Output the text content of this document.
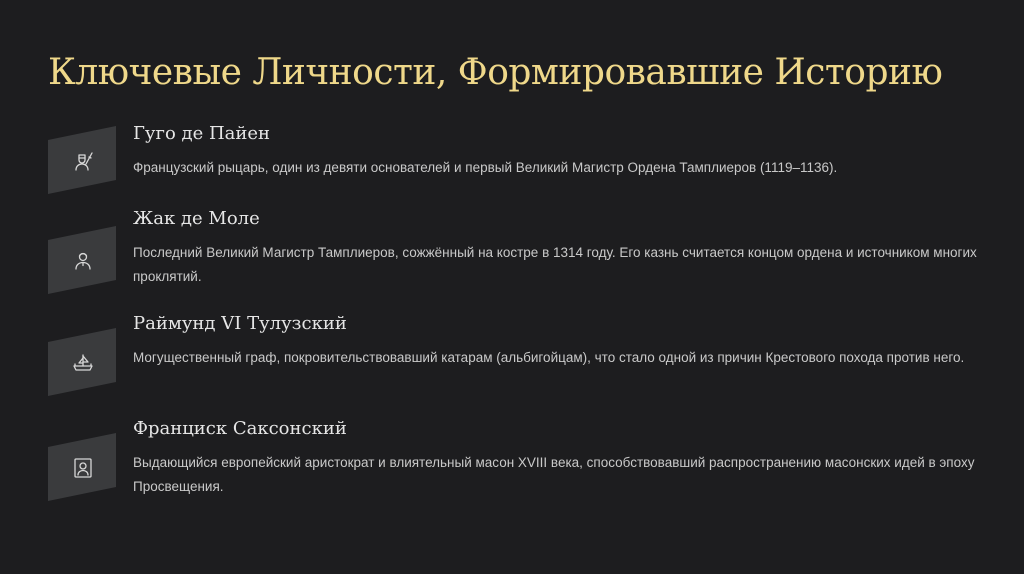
Ключевые Личности, Формировавшие Историю
Гуго де Пайен

Французский рыцарь, один из девяти основателей и первый Великий Магистр Ордена Тамплиеров (1119–1136).

Жак де Моле

Последний Великий Магистр Тамплиеров, сожжённый на костре в 1314 году. Его казнь считается концом ордена и источником многих проклятий.

Раймунд VI Тулузский

Могущественный граф, покровительствовавший катарам (альбигойцам), что стало одной из причин Крестового похода против него.

Франциск Саксонский

Выдающийся европейский аристократ и влиятельный масон XVIII века, способствовавший распространению масонских идей в эпоху Просвещения.
